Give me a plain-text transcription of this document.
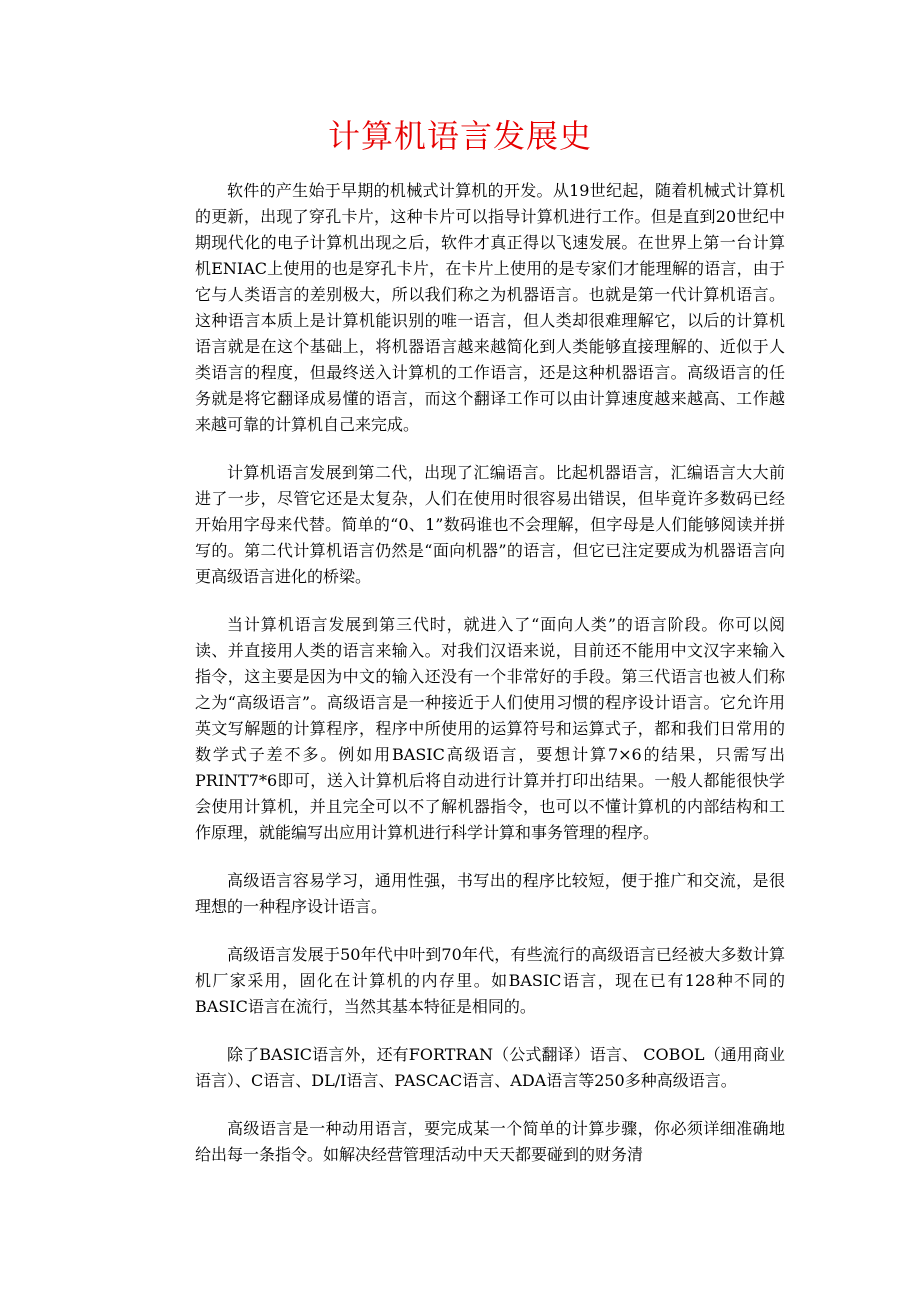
计算机语言发展史

软件的产生始于早期的机械式计算机的开发。从19世纪起，随着机械式计算机的更新，出现了穿孔卡片，这种卡片可以指导计算机进行工作。但是直到20世纪中期现代化的电子计算机出现之后，软件才真正得以飞速发展。在世界上第一台计算机ENIAC上使用的也是穿孔卡片，在卡片上使用的是专家们才能理解的语言，由于它与人类语言的差别极大，所以我们称之为机器语言。也就是第一代计算机语言。这种语言本质上是计算机能识别的唯一语言，但人类却很难理解它，以后的计算机语言就是在这个基础上，将机器语言越来越简化到人类能够直接理解的、近似于人类语言的程度，但最终送入计算机的工作语言，还是这种机器语言。高级语言的任务就是将它翻译成易懂的语言，而这个翻译工作可以由计算速度越来越高、工作越来越可靠的计算机自己来完成。

计算机语言发展到第二代，出现了汇编语言。比起机器语言，汇编语言大大前进了一步，尽管它还是太复杂，人们在使用时很容易出错误，但毕竟许多数码已经开始用字母来代替。简单的“0、1”数码谁也不会理解，但字母是人们能够阅读并拼写的。第二代计算机语言仍然是“面向机器”的语言，但它已注定要成为机器语言向更高级语言进化的桥梁。

当计算机语言发展到第三代时，就进入了“面向人类”的语言阶段。你可以阅读、并直接用人类的语言来输入。对我们汉语来说，目前还不能用中文汉字来输入指令，这主要是因为中文的输入还没有一个非常好的手段。第三代语言也被人们称之为“高级语言”。高级语言是一种接近于人们使用习惯的程序设计语言。它允许用英文写解题的计算程序，程序中所使用的运算符号和运算式子，都和我们日常用的数学式子差不多。例如用BASIC高级语言，要想计算7×6的结果，只需写出 PRINT7*6即可，送入计算机后将自动进行计算并打印出结果。一般人都能很快学会使用计算机，并且完全可以不了解机器指令，也可以不懂计算机的内部结构和工作原理，就能编写出应用计算机进行科学计算和事务管理的程序。

高级语言容易学习，通用性强，书写出的程序比较短，便于推广和交流，是很理想的一种程序设计语言。

高级语言发展于50年代中叶到70年代，有些流行的高级语言已经被大多数计算机厂家采用，固化在计算机的内存里。如BASIC语言，现在已有128种不同的 BASIC语言在流行，当然其基本特征是相同的。

除了BASIC语言外，还有FORTRAN（公式翻译）语言、 COBOL（通用商业语言）、C语言、DL/I语言、PASCAC语言、ADA语言等250多种高级语言。

高级语言是一种动用语言，要完成某一个简单的计算步骤，你必须详细准确地给出每一条指令。如解决经营管理活动中天天都要碰到的财务清
